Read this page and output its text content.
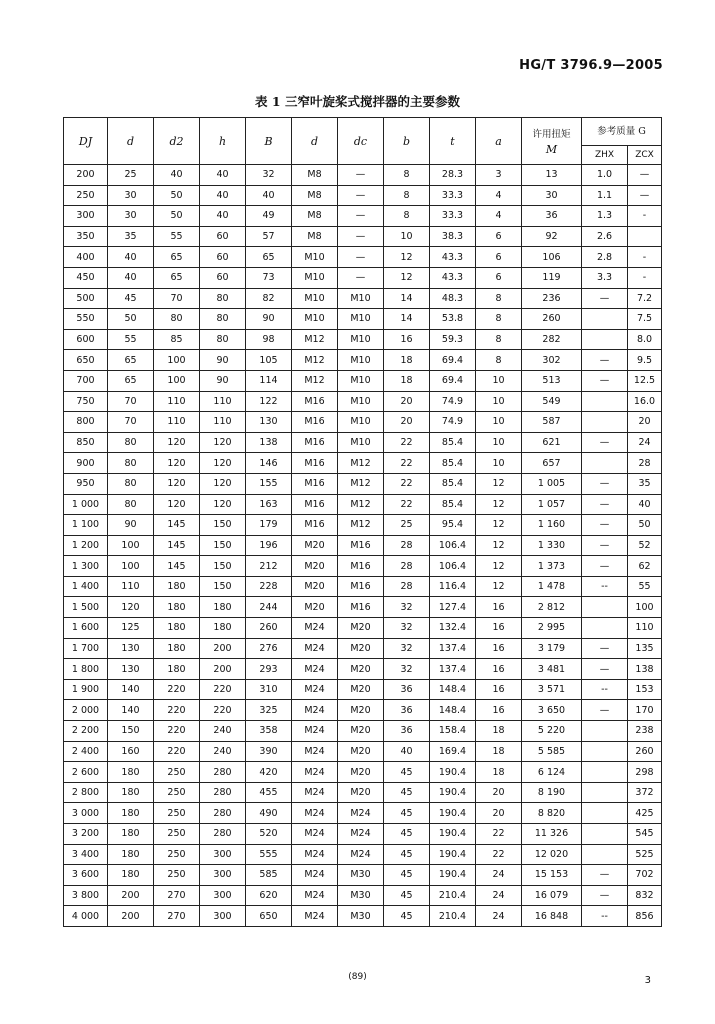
HG/T 3796.9—2005
表 1 三窄叶旋桨式搅拌器的主要参数
DJ	d	d2	h	B	d	dc	b	t	a	许用扭矩
M	参考质量 G	
											ZHX	ZCX
200	25	40	40	32	M8	—	8	28.3	3	13	1.0	—
250	30	50	40	40	M8	—	8	33.3	4	30	1.1	—
300	30	50	40	49	M8	—	8	33.3	4	36	1.3	-
350	35	55	60	57	M8	—	10	38.3	6	92	2.6	
400	40	65	60	65	M10	—	12	43.3	6	106	2.8	-
450	40	65	60	73	M10	—	12	43.3	6	119	3.3	-
500	45	70	80	82	M10	M10	14	48.3	8	236	—	7.2
550	50	80	80	90	M10	M10	14	53.8	8	260		7.5
600	55	85	80	98	M12	M10	16	59.3	8	282		8.0
650	65	100	90	105	M12	M10	18	69.4	8	302	—	9.5
700	65	100	90	114	M12	M10	18	69.4	10	513	—	12.5
750	70	110	110	122	M16	M10	20	74.9	10	549		16.0
800	70	110	110	130	M16	M10	20	74.9	10	587		20
850	80	120	120	138	M16	M10	22	85.4	10	621	—	24
900	80	120	120	146	M16	M12	22	85.4	10	657		28
950	80	120	120	155	M16	M12	22	85.4	12	1 005	—	35
1 000	80	120	120	163	M16	M12	22	85.4	12	1 057	—	40
1 100	90	145	150	179	M16	M12	25	95.4	12	1 160	—	50
1 200	100	145	150	196	M20	M16	28	106.4	12	1 330	—	52
1 300	100	145	150	212	M20	M16	28	106.4	12	1 373	—	62
1 400	110	180	150	228	M20	M16	28	116.4	12	1 478	--	55
1 500	120	180	180	244	M20	M16	32	127.4	16	2 812		100
1 600	125	180	180	260	M24	M20	32	132.4	16	2 995		110
1 700	130	180	200	276	M24	M20	32	137.4	16	3 179	—	135
1 800	130	180	200	293	M24	M20	32	137.4	16	3 481	—	138
1 900	140	220	220	310	M24	M20	36	148.4	16	3 571	--	153
2 000	140	220	220	325	M24	M20	36	148.4	16	3 650	—	170
2 200	150	220	240	358	M24	M20	36	158.4	18	5 220		238
2 400	160	220	240	390	M24	M20	40	169.4	18	5 585		260
2 600	180	250	280	420	M24	M20	45	190.4	18	6 124		298
2 800	180	250	280	455	M24	M20	45	190.4	20	8 190		372
3 000	180	250	280	490	M24	M24	45	190.4	20	8 820		425
3 200	180	250	280	520	M24	M24	45	190.4	22	11 326		545
3 400	180	250	300	555	M24	M24	45	190.4	22	12 020		525
3 600	180	250	300	585	M24	M30	45	190.4	24	15 153	—	702
3 800	200	270	300	620	M24	M30	45	210.4	24	16 079	—	832
4 000	200	270	300	650	M24	M30	45	210.4	24	16 848	--	856
(89)	3
